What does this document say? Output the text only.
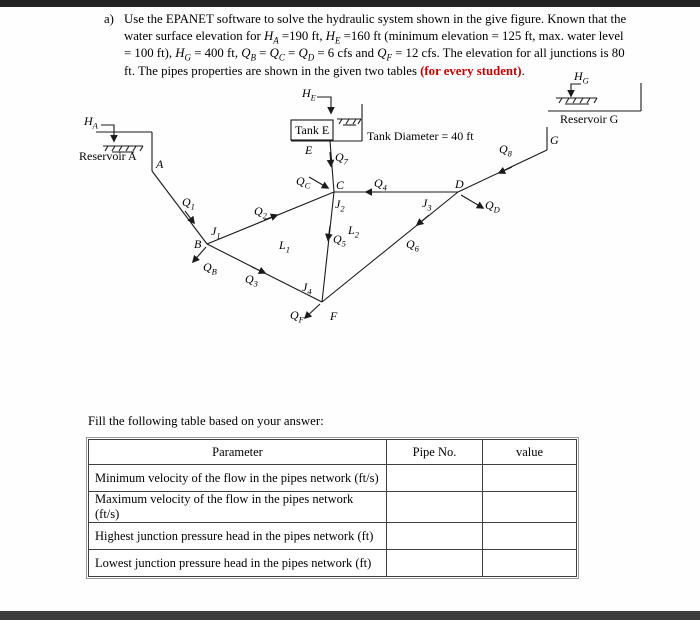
a) Use the EPANET software to solve the hydraulic system shown in the give figure. Known that the
water surface elevation for $H_A =190$ ft, $H_E =160$ ft (minimum elevation = 125 ft, max. water level
= 100 ft), $H_G = 400$ ft, $Q_B = Q_C = Q_D = 6$ cfs and $Q_F = 12$ cfs. The elevation for all junctions is 80
ft. The pipes properties are shown in the given two tables (for every student).
$H_A$
Reservoir A
A
$Q_1$
$J_1$
B
$Q_B$
$Q_2$
$Q_3$
$L_1$
$H_E$
Tank E	Tank Diameter = 40 ft
E $Q_7$
$Q_C$ C
$J_2$
$Q_5$
$L_2$
$J_4$
$Q_F$ F
$Q_4$
$J_3$
D
$Q_6$
$Q_D$
$Q_8$
$H_G$
Reservoir G
G
Fill the following table based on your answer:
Parameter	Pipe No.	value
Minimum velocity of the flow in the pipes network (ft/s)		
Maximum velocity of the flow in the pipes network (ft/s)		
Highest junction pressure head in the pipes network (ft)		
Lowest junction pressure head in the pipes network (ft)		
